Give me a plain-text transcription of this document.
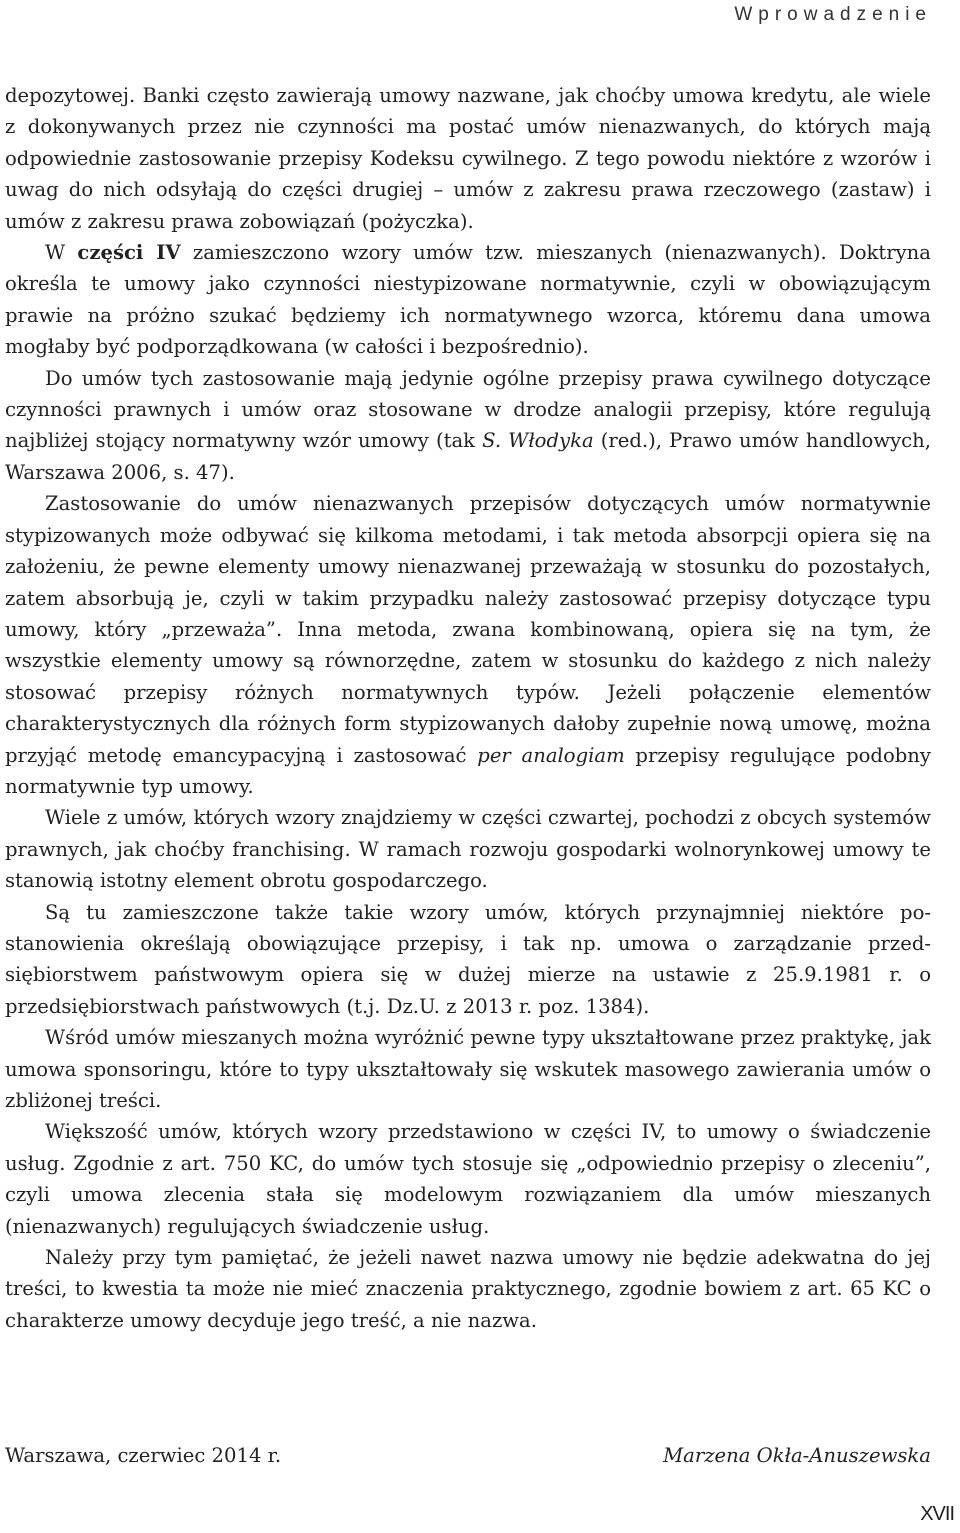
Wprowadzenie

depozytowej. Banki często zawierają umowy nazwane, jak choćby umowa kredytu, ale wiele z dokonywanych przez nie czynności ma postać umów nienazwanych, do których mają odpowiednie zastosowanie przepisy Kodeksu cywilnego. Z tego powodu niektóre z wzorów i uwag do nich odsyłają do części drugiej – umów z zakresu prawa rzeczowego (zastaw) i umów z zakresu prawa zobowiązań (pożyczka).

W części IV zamieszczono wzory umów tzw. mieszanych (nienazwanych). Doktryna określa te umowy jako czynności niestypizowane normatywnie, czyli w obowiązującym prawie na próżno szukać będziemy ich normatywnego wzorca, któremu dana umowa mogłaby być podporządkowana (w całości i bezpośrednio).

Do umów tych zastosowanie mają jedynie ogólne przepisy prawa cywilnego dotyczące czynności prawnych i umów oraz stosowane w drodze analogii przepisy, które regulują najbliżej stojący normatywny wzór umowy (tak S. Włodyka (red.), Prawo umów handlowych, Warszawa 2006, s. 47).

Zastosowanie do umów nienazwanych przepisów dotyczących umów normatywnie stypizowanych może odbywać się kilkoma metodami, i tak metoda absorpcji opiera się na założeniu, że pewne elementy umowy nienazwanej przeważają w stosunku do pozostałych, zatem absorbują je, czyli w takim przypadku należy zastosować przepisy dotyczące typu umowy, który „przeważa”. Inna metoda, zwana kombinowaną, opiera się na tym, że wszystkie elementy umowy są równorzędne, zatem w stosunku do każdego z nich należy stosować przepisy różnych normatywnych typów. Jeżeli połączenie elementów charakterystycznych dla różnych form stypizowanych dałoby zupełnie nową umowę, można przyjąć metodę emancypacyjną i zastosować per analogiam przepisy regulujące podobny normatywnie typ umowy.

Wiele z umów, których wzory znajdziemy w części czwartej, pochodzi z obcych systemów prawnych, jak choćby franchising. W ramach rozwoju gospodarki wolnorynkowej umowy te stanowią istotny element obrotu gospodarczego.

Są tu zamieszczone także takie wzory umów, których przynajmniej niektóre postanowienia określają obowiązujące przepisy, i tak np. umowa o zarządzanie przedsiębiorstwem państwowym opiera się w dużej mierze na ustawie z 25.9.1981 r. o przedsiębiorstwach państwowych (t.j. Dz.U. z 2013 r. poz. 1384).

Wśród umów mieszanych można wyróżnić pewne typy ukształtowane przez praktykę, jak umowa sponsoringu, które to typy ukształtowały się wskutek masowego zawierania umów o zbliżonej treści.

Większość umów, których wzory przedstawiono w części IV, to umowy o świadczenie usług. Zgodnie z art. 750 KC, do umów tych stosuje się „odpowiednio przepisy o zleceniu”, czyli umowa zlecenia stała się modelowym rozwiązaniem dla umów mieszanych (nienazwanych) regulujących świadczenie usług.

Należy przy tym pamiętać, że jeżeli nawet nazwa umowy nie będzie adekwatna do jej treści, to kwestia ta może nie mieć znaczenia praktycznego, zgodnie bowiem z art. 65 KC o charakterze umowy decyduje jego treść, a nie nazwa.

Warszawa, czerwiec 2014 r.	Marzena Okła-Anuszewska
XVII
